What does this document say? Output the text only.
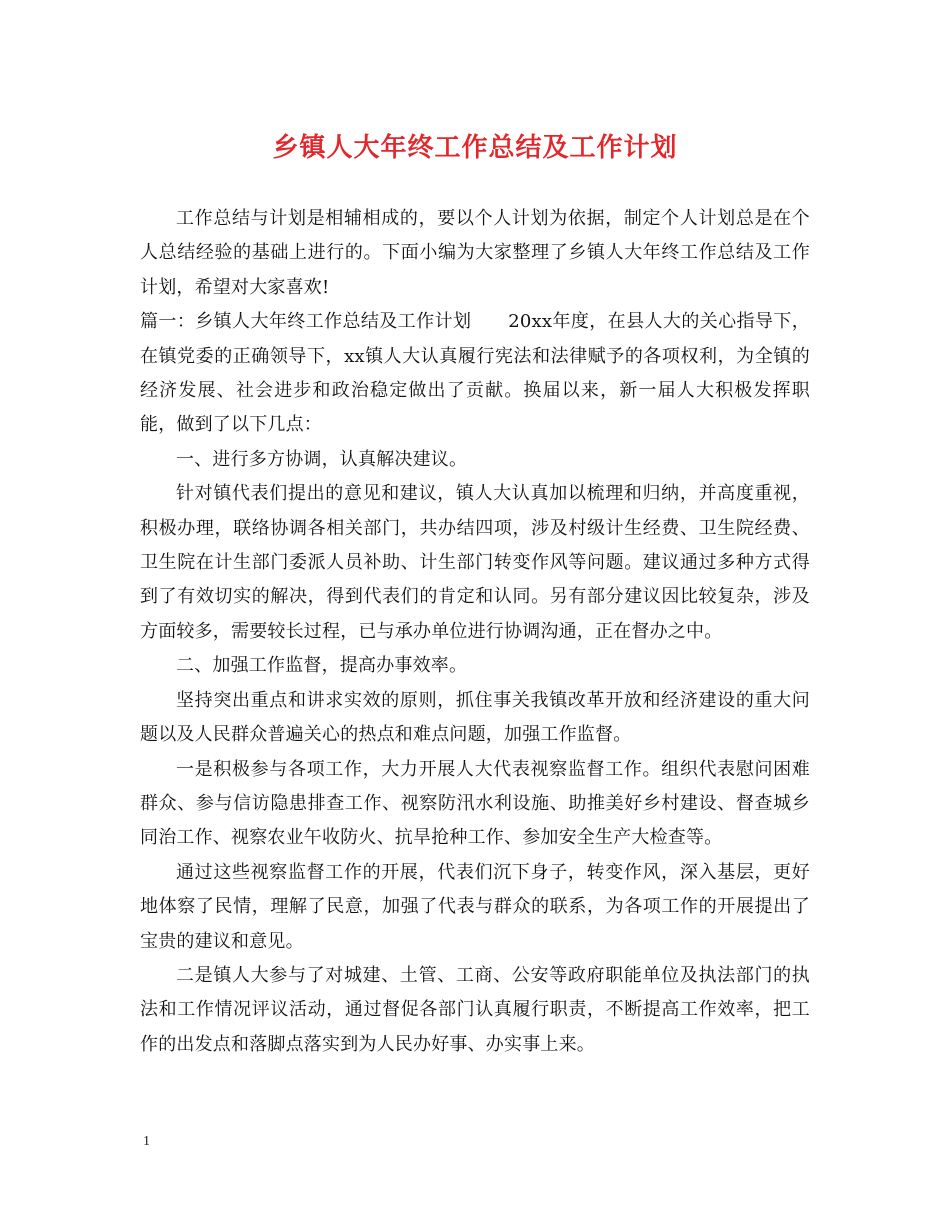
乡镇人大年终工作总结及工作计划

工作总结与计划是相辅相成的，要以个人计划为依据，制定个人计划总是在个人总结经验的基础上进行的。下面小编为大家整理了乡镇人大年终工作总结及工作计划，希望对大家喜欢!

篇一：乡镇人大年终工作总结及工作计划　　20xx年度，在县人大的关心指导下，在镇党委的正确领导下，xx镇人大认真履行宪法和法律赋予的各项权利，为全镇的经济发展、社会进步和政治稳定做出了贡献。换届以来，新一届人大积极发挥职能，做到了以下几点：

一、进行多方协调，认真解决建议。

针对镇代表们提出的意见和建议，镇人大认真加以梳理和归纳，并高度重视，积极办理，联络协调各相关部门，共办结四项，涉及村级计生经费、卫生院经费、卫生院在计生部门委派人员补助、计生部门转变作风等问题。建议通过多种方式得到了有效切实的解决，得到代表们的肯定和认同。另有部分建议因比较复杂，涉及方面较多，需要较长过程，已与承办单位进行协调沟通，正在督办之中。

二、加强工作监督，提高办事效率。

坚持突出重点和讲求实效的原则，抓住事关我镇改革开放和经济建设的重大问题以及人民群众普遍关心的热点和难点问题，加强工作监督。

一是积极参与各项工作，大力开展人大代表视察监督工作。组织代表慰问困难群众、参与信访隐患排查工作、视察防汛水利设施、助推美好乡村建设、督查城乡同治工作、视察农业午收防火、抗旱抢种工作、参加安全生产大检查等。

通过这些视察监督工作的开展，代表们沉下身子，转变作风，深入基层，更好地体察了民情，理解了民意，加强了代表与群众的联系，为各项工作的开展提出了宝贵的建议和意见。

二是镇人大参与了对城建、土管、工商、公安等政府职能单位及执法部门的执法和工作情况评议活动，通过督促各部门认真履行职责，不断提高工作效率，把工作的出发点和落脚点落实到为人民办好事、办实事上来。

1
